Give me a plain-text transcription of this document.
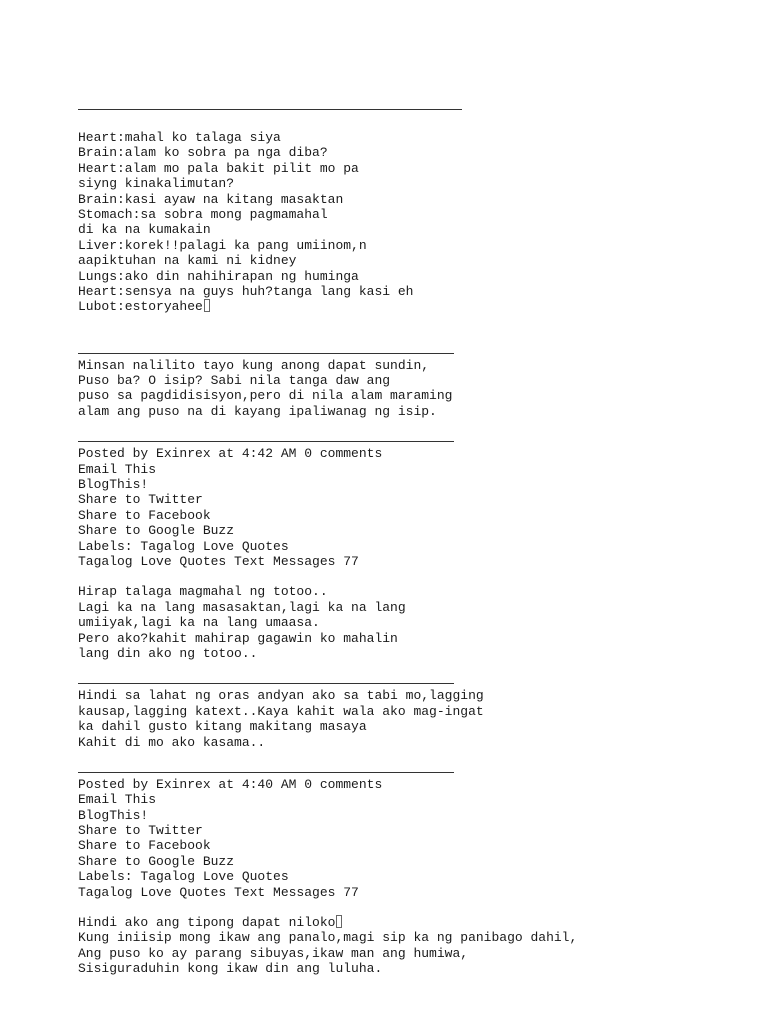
Heart:mahal ko talaga siya
Brain:alam ko sobra pa nga diba?
Heart:alam mo pala bakit pilit mo pa
siyng kinakalimutan?
Brain:kasi ayaw na kitang masaktan
Stomach:sa sobra mong pagmamahal
di ka na kumakain
Liver:korek!!palagi ka pang umiinom,n
aapiktuhan na kami ni kidney
Lungs:ako din nahihirapan ng huminga
Heart:sensya na guys huh?tanga lang kasi eh
Lubot:estoryahee
Minsan nalilito tayo kung anong dapat sundin,
Puso ba? O isip? Sabi nila tanga daw ang
puso sa pagdidisisyon,pero di nila alam maraming
alam ang puso na di kayang ipaliwanag ng isip.
Posted by Exinrex at 4:42 AM 0 comments
Email This
BlogThis!
Share to Twitter
Share to Facebook
Share to Google Buzz
Labels: Tagalog Love Quotes
Tagalog Love Quotes Text Messages 77
Hirap talaga magmahal ng totoo..
Lagi ka na lang masasaktan,lagi ka na lang
umiiyak,lagi ka na lang umaasa.
Pero ako?kahit mahirap gagawin ko mahalin
lang din ako ng totoo..
Hindi sa lahat ng oras andyan ako sa tabi mo,lagging
kausap,lagging katext..Kaya kahit wala ako mag-ingat
ka dahil gusto kitang makitang masaya
Kahit di mo ako kasama..
Posted by Exinrex at 4:40 AM 0 comments
Email This
BlogThis!
Share to Twitter
Share to Facebook
Share to Google Buzz
Labels: Tagalog Love Quotes
Tagalog Love Quotes Text Messages 77
Hindi ako ang tipong dapat niloko
Kung iniisip mong ikaw ang panalo,magi sip ka ng panibago dahil,
Ang puso ko ay parang sibuyas,ikaw man ang humiwa,
Sisiguraduhin kong ikaw din ang luluha.
